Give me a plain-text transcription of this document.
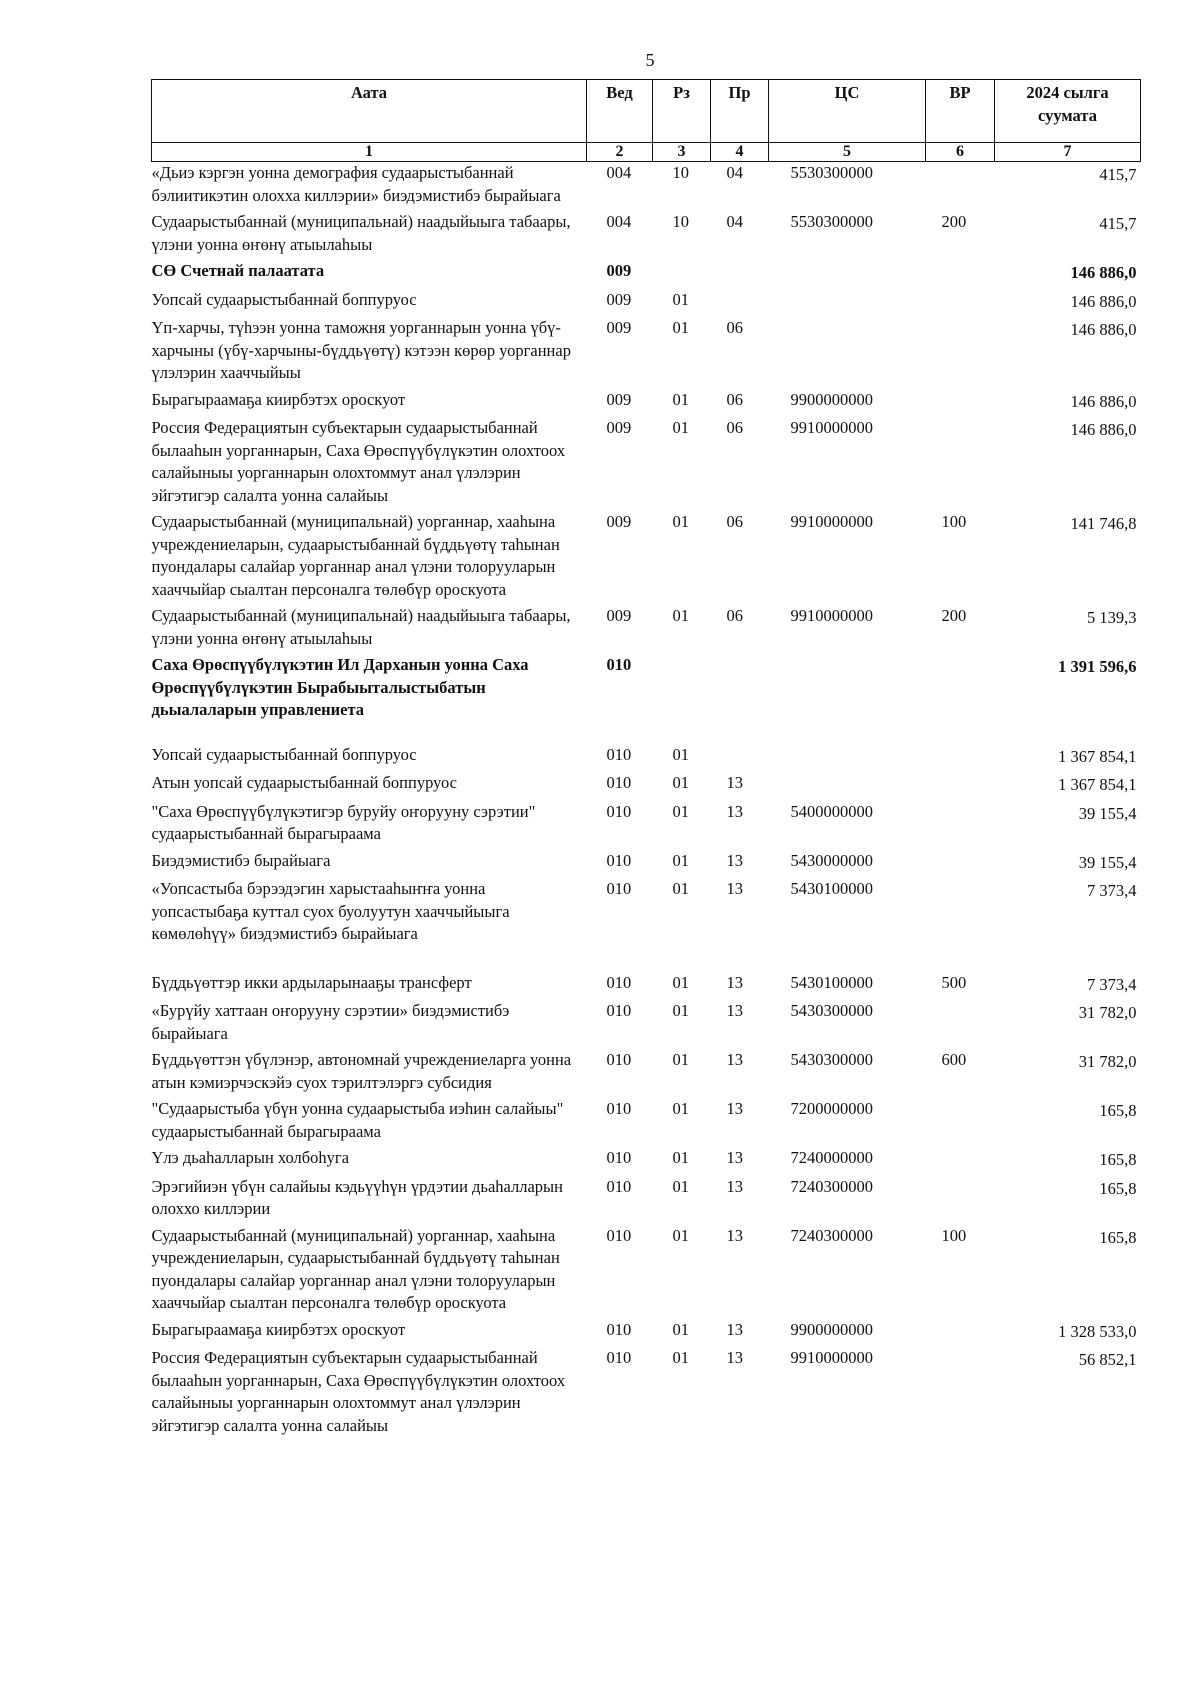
5
Аата	Вед	Рз	Пр	ЦС	ВР	2024 сылга суумата
1	2	3	4	5	6	7
«Дьиэ кэргэн уонна демография судаарыстыбаннай бэлиитикэтин олохха киллэрии» биэдэмистибэ бырайыага	004	10	04	5530300000		415,7
Судаарыстыбаннай (муниципальнай) наадыйыыга табаары, үлэни уонна өҥөнү атыылаһыы	004	10	04	5530300000	200	415,7
СӨ Счетнай палаатата	009					146 886,0
Уопсай судаарыстыбаннай боппуруос	009	01				146 886,0
Үп-харчы, түһээн уонна таможня уорганнарын уонна үбү-харчыны (үбү-харчыны-бүддьүөтү) кэтээн көрөр уорганнар үлэлэрин хааччыйыы	009	01	06			146 886,0
Бырагыраамаҕа киирбэтэх ороскуот	009	01	06	9900000000		146 886,0
Россия Федерациятын субъектарын судаарыстыбаннай былааһын уорганнарын, Саха Өрөспүүбүлүкэтин олохтоох салайыныы уорганнарын олохтоммут анал үлэлэрин эйгэтигэр салалта уонна салайыы	009	01	06	9910000000		146 886,0
Судаарыстыбаннай (муниципальнай) уорганнар, хааһына учреждениеларын, судаарыстыбаннай бүддьүөтү таһынан пуондалары салайар уорганнар анал үлэни толорууларын хааччыйар сыалтан персоналга төлөбүр ороскуота	009	01	06	9910000000	100	141 746,8
Судаарыстыбаннай (муниципальнай) наадыйыыга табаары, үлэни уонна өҥөнү атыылаһыы	009	01	06	9910000000	200	5 139,3
Саха Өрөспүүбүлүкэтин Ил Дарханын уонна Саха Өрөспүүбүлүкэтин Бырабыыталыстыбатын дьыалаларын управлениета	010					1 391 596,6
Уопсай судаарыстыбаннай боппуруос	010	01				1 367 854,1
Атын уопсай судаарыстыбаннай боппуруос	010	01	13			1 367 854,1
"Саха Өрөспүүбүлүкэтигэр буруйу оҥорууну сэрэтии" судаарыстыбаннай бырагыраама	010	01	13	5400000000		39 155,4
Биэдэмистибэ бырайыага	010	01	13	5430000000		39 155,4
«Уопсастыба бэрээдэгин харыстааһыҥҥа уонна уопсастыбаҕа куттал суох буолуутун хааччыйыыга көмөлөһүү» биэдэмистибэ бырайыага	010	01	13	5430100000		7 373,4
Бүддьүөттэр икки ардыларынааҕы трансферт	010	01	13	5430100000	500	7 373,4
«Бурүйу хаттаан оҥорууну сэрэтии» биэдэмистибэ бырайыага	010	01	13	5430300000		31 782,0
Бүддьүөттэн үбүлэнэр, автономнай учреждениеларга уонна атын кэмиэрчэскэйэ суох тэрилтэлэргэ субсидия	010	01	13	5430300000	600	31 782,0
"Судаарыстыба үбүн уонна судаарыстыба иэһин салайыы" судаарыстыбаннай бырагыраама	010	01	13	7200000000		165,8
Үлэ дьаһалларын холбоһуга	010	01	13	7240000000		165,8
Эрэгийиэн үбүн салайыы кэдьүүһүн үрдэтии дьаһалларын олоххо киллэрии	010	01	13	7240300000		165,8
Судаарыстыбаннай (муниципальнай) уорганнар, хааһына учреждениеларын, судаарыстыбаннай бүддьүөтү таһынан пуондалары салайар уорганнар анал үлэни толорууларын хааччыйар сыалтан персоналга төлөбүр ороскуота	010	01	13	7240300000	100	165,8
Бырагыраамаҕа киирбэтэх ороскуот	010	01	13	9900000000		1 328 533,0
Россия Федерациятын субъектарын судаарыстыбаннай былааһын уорганнарын, Саха Өрөспүүбүлүкэтин олохтоох салайыныы уорганнарын олохтоммут анал үлэлэрин эйгэтигэр салалта уонна салайыы	010	01	13	9910000000		56 852,1
